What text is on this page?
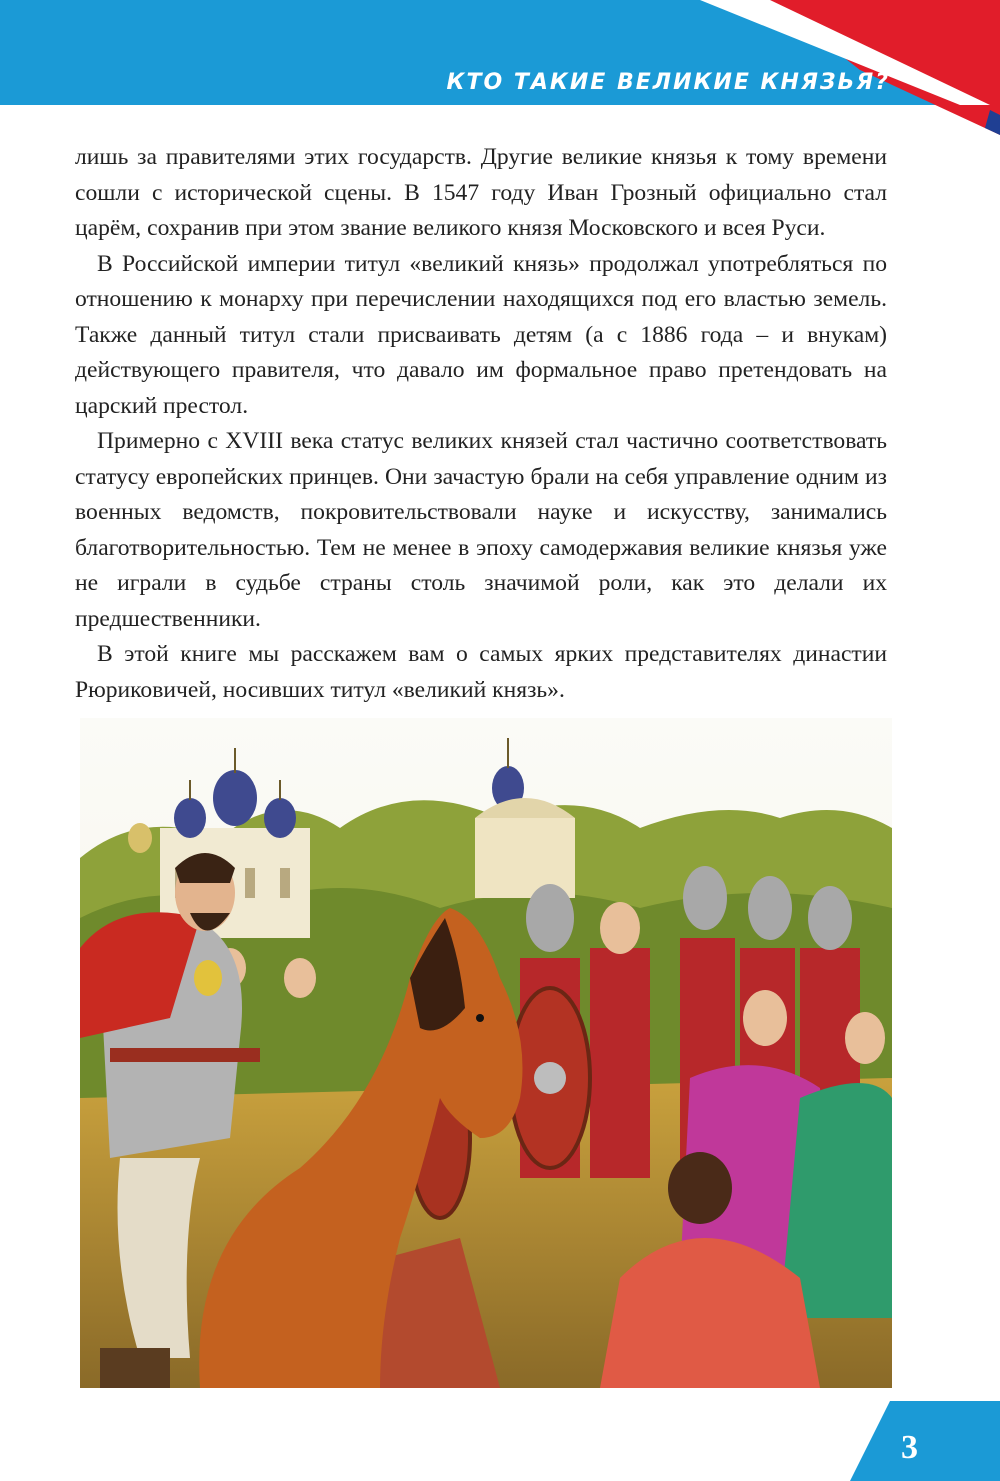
КТО ТАКИЕ ВЕЛИКИЕ КНЯЗЬЯ?

лишь за правителями этих государств. Другие великие князья к тому времени сошли с исторической сцены. В 1547 году Иван Грозный официально стал царём, сохранив при этом звание великого князя Московского и всея Руси.

В Российской империи титул «великий князь» продолжал употребляться по отношению к монарху при перечислении находящихся под его властью земель. Также данный титул стали присваивать детям (а с 1886 года – и внукам) действующего правителя, что давало им формальное право претендовать на царский престол.

Примерно с XVIII века статус великих князей стал частично соответствовать статусу европейских принцев. Они зачастую брали на себя управление одним из военных ведомств, покровительствовали науке и искусству, занимались благотворительностью. Тем не менее в эпоху самодержавия великие князья уже не играли в судьбе страны столь значимой роли, как это делали их предшественники.

В этой книге мы расскажем вам о самых ярких представителях династии Рюриковичей, носивших титул «великий князь».

3
